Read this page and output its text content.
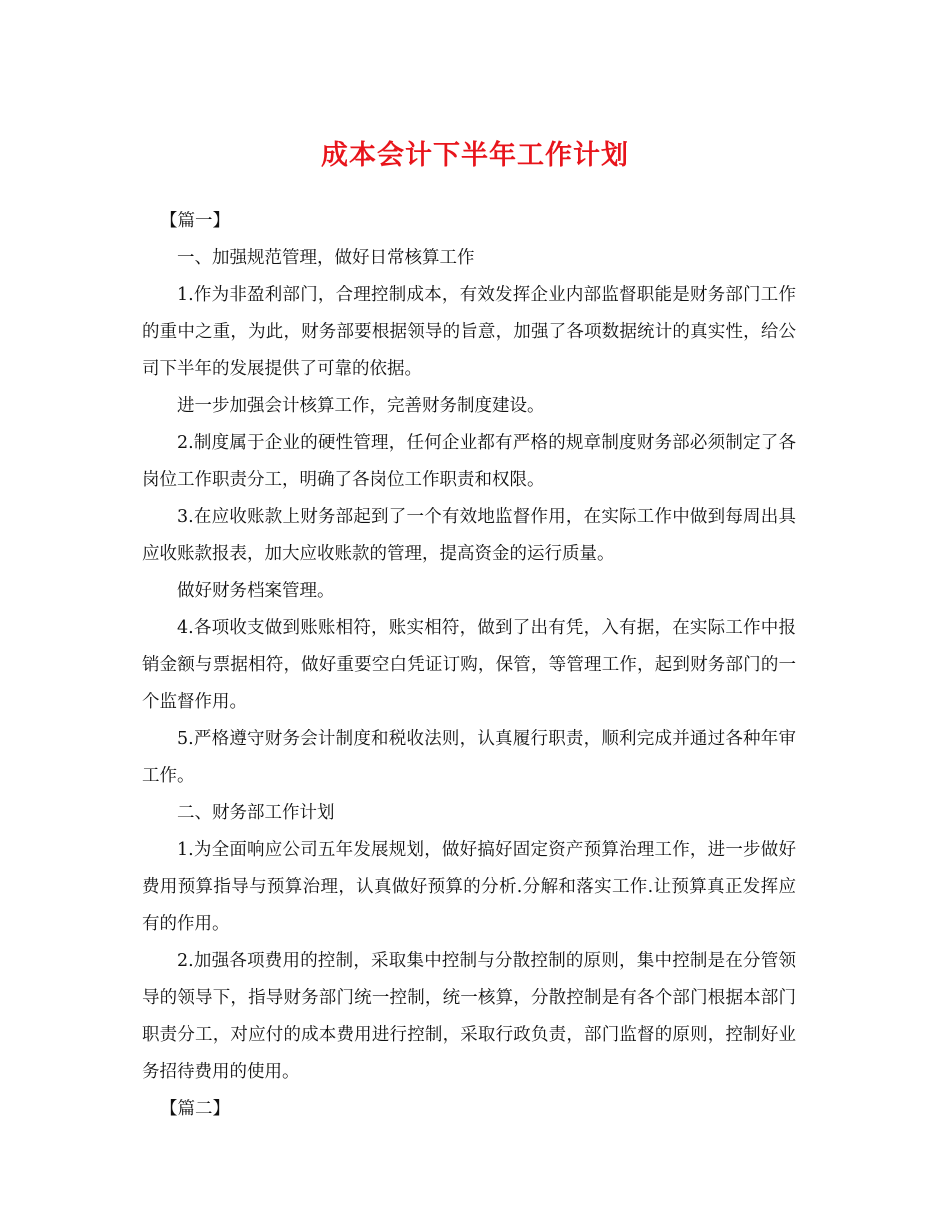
成本会计下半年工作计划

【篇一】

一、加强规范管理，做好日常核算工作

1.作为非盈利部门，合理控制成本，有效发挥企业内部监督职能是财务部门工作的重中之重，为此，财务部要根据领导的旨意，加强了各项数据统计的真实性，给公司下半年的发展提供了可靠的依据。

进一步加强会计核算工作，完善财务制度建设。

2.制度属于企业的硬性管理，任何企业都有严格的规章制度财务部必须制定了各岗位工作职责分工，明确了各岗位工作职责和权限。

3.在应收账款上财务部起到了一个有效地监督作用，在实际工作中做到每周出具应收账款报表，加大应收账款的管理，提高资金的运行质量。

做好财务档案管理。

4.各项收支做到账账相符，账实相符，做到了出有凭，入有据，在实际工作中报销金额与票据相符，做好重要空白凭证订购，保管，等管理工作，起到财务部门的一个监督作用。

5.严格遵守财务会计制度和税收法则，认真履行职责，顺利完成并通过各种年审工作。

二、财务部工作计划

1.为全面响应公司五年发展规划，做好搞好固定资产预算治理工作，进一步做好费用预算指导与预算治理，认真做好预算的分析.分解和落实工作.让预算真正发挥应有的作用。

2.加强各项费用的控制，采取集中控制与分散控制的原则，集中控制是在分管领导的领导下，指导财务部门统一控制，统一核算，分散控制是有各个部门根据本部门职责分工，对应付的成本费用进行控制，采取行政负责，部门监督的原则，控制好业务招待费用的使用。

【篇二】
